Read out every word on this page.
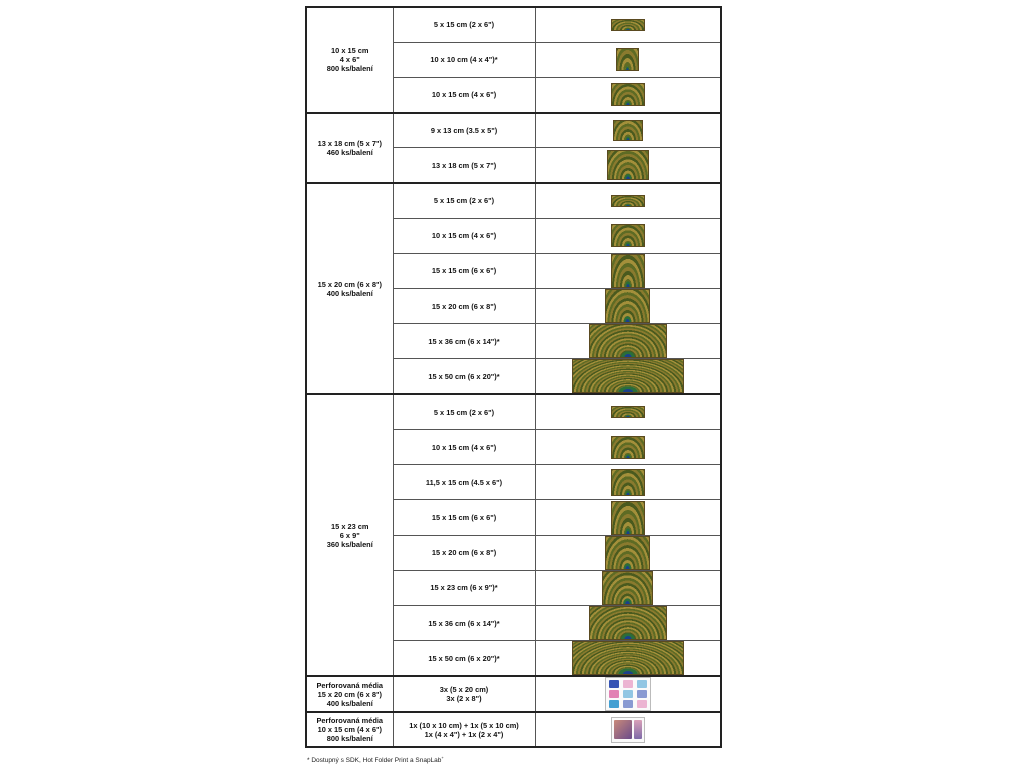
10 x 15 cm
4 x 6"
800 ks/balení	5 x 15 cm (2 x 6")	
	10 x 10 cm (4 x 4")*	
	10 x 15 cm (4 x 6")	

13 x 18 cm (5 x 7")
460 ks/balení	9 x 13 cm (3.5 x 5")	
	13 x 18 cm (5 x 7")	

15 x 20 cm (6 x 8")
400 ks/balení	5 x 15 cm (2 x 6")	
	10 x 15 cm (4 x 6")	
	15 x 15 cm (6 x 6")	
	15 x 20 cm (6 x 8")	
	15 x 36 cm (6 x 14")*	
	15 x 50 cm (6 x 20")*	

15 x 23 cm
6 x 9"
360 ks/balení	5 x 15 cm (2 x 6")	
	10 x 15 cm (4 x 6")	
	11,5 x 15 cm (4.5 x 6")	
	15 x 15 cm (6 x 6")	
	15 x 20 cm (6 x 8")	
	15 x 23 cm (6 x 9")*	
	15 x 36 cm (6 x 14")*	
	15 x 50 cm (6 x 20")*	

Perforovaná média
15 x 20 cm (6 x 8")
400 ks/balení	3x (5 x 20 cm)
3x (2 x 8")	

Perforovaná média
10 x 15 cm (4 x 6")
800 ks/balení	1x (10 x 10 cm) + 1x (5 x 10 cm)
1x (4 x 4") + 1x (2 x 4")	

* Dostupný s SDK, Hot Folder Print a SnapLab+
